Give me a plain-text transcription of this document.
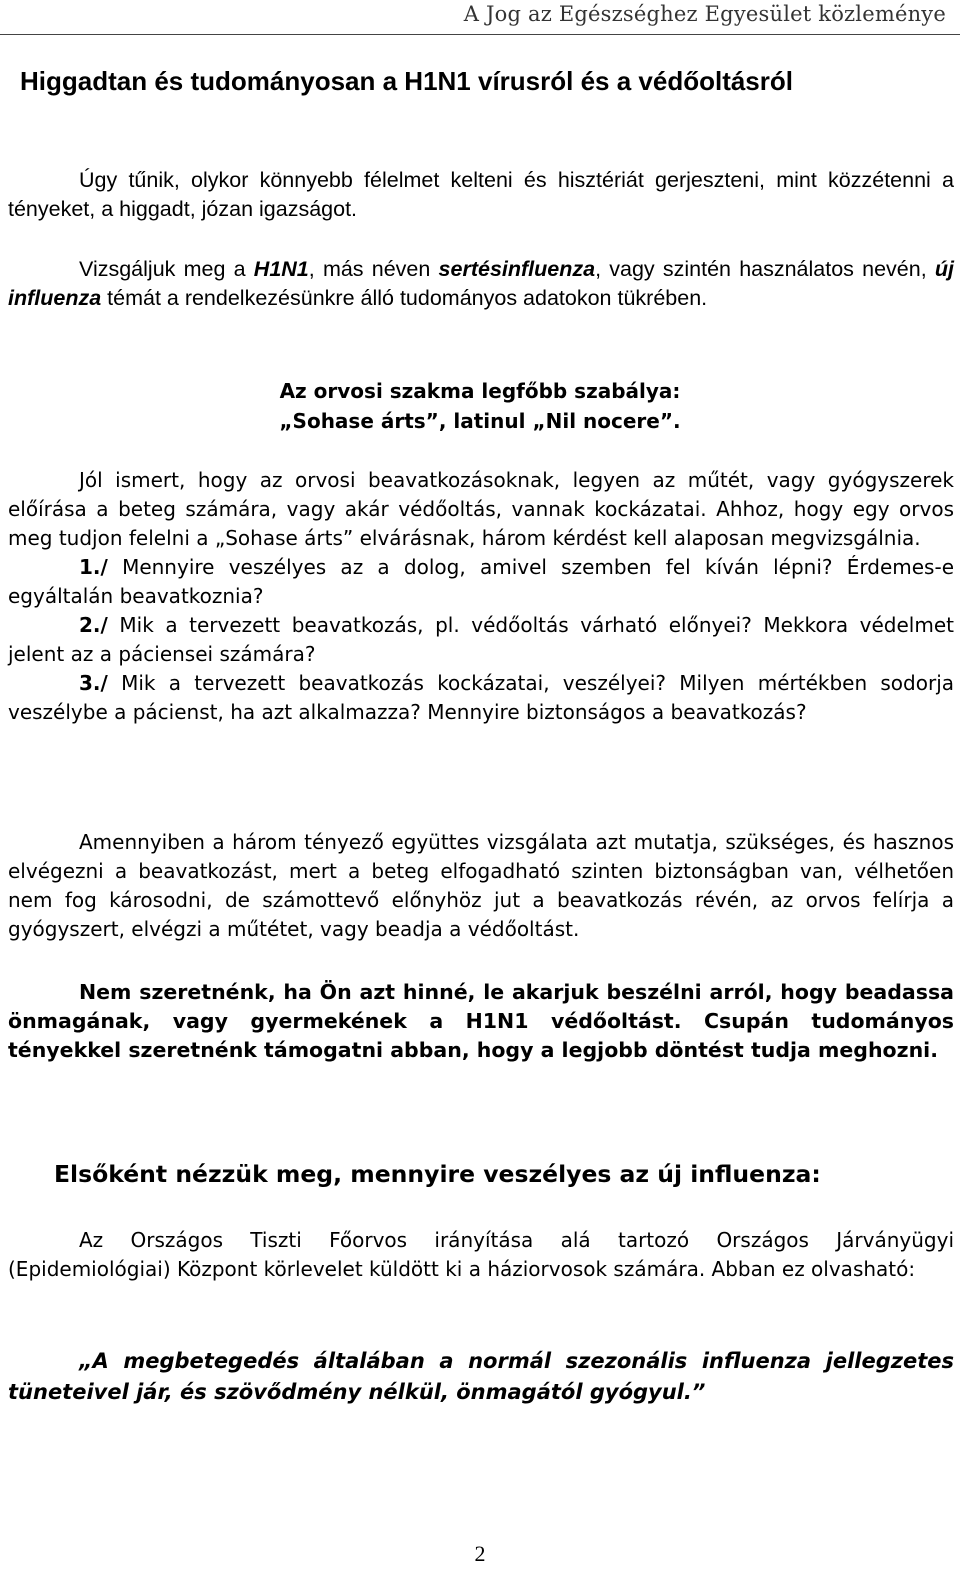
A Jog az Egészséghez Egyesület közleménye
Higgadtan és tudományosan a H1N1 vírusról és a védőoltásról
Úgy tűnik, olykor könnyebb félelmet kelteni és hisztériát gerjeszteni, mint közzétenni a tényeket, a higgadt, józan igazságot.
Vizsgáljuk meg a H1N1, más néven sertésinfluenza, vagy szintén használatos nevén, új influenza témát a rendelkezésünkre álló tudományos adatokon tükrében.
Az orvosi szakma legfőbb szabálya:
„Sohase árts”, latinul „Nil nocere”.
Jól ismert, hogy az orvosi beavatkozásoknak, legyen az műtét, vagy gyógyszerek előírása a beteg számára, vagy akár védőoltás, vannak kockázatai. Ahhoz, hogy egy orvos meg tudjon felelni a „Sohase árts” elvárásnak, három kérdést kell alaposan megvizsgálnia.
1./ Mennyire veszélyes az a dolog, amivel szemben fel kíván lépni? Érdemes-e egyáltalán beavatkoznia?
2./ Mik a tervezett beavatkozás, pl. védőoltás várható előnyei? Mekkora védelmet jelent az a páciensei számára?
3./ Mik a tervezett beavatkozás kockázatai, veszélyei? Milyen mértékben sodorja veszélybe a pácienst, ha azt alkalmazza? Mennyire biztonságos a beavatkozás?
Amennyiben a három tényező együttes vizsgálata azt mutatja, szükséges, és hasznos elvégezni a beavatkozást, mert a beteg elfogadható szinten biztonságban van, vélhetően nem fog károsodni, de számottevő előnyhöz jut a beavatkozás révén, az orvos felírja a gyógyszert, elvégzi a műtétet, vagy beadja a védőoltást.
Nem szeretnénk, ha Ön azt hinné, le akarjuk beszélni arról, hogy beadassa önmagának, vagy gyermekének a H1N1 védőoltást. Csupán tudományos tényekkel szeretnénk támogatni abban, hogy a legjobb döntést tudja meghozni.
Elsőként nézzük meg, mennyire veszélyes az új influenza:
Az Országos Tiszti Főorvos irányítása alá tartozó Országos Járványügyi (Epidemiológiai) Központ körlevelet küldött ki a háziorvosok számára. Abban ez olvasható:
„A megbetegedés általában a normál szezonális influenza jellegzetes tüneteivel jár, és szövődmény nélkül, önmagától gyógyul.”
2
